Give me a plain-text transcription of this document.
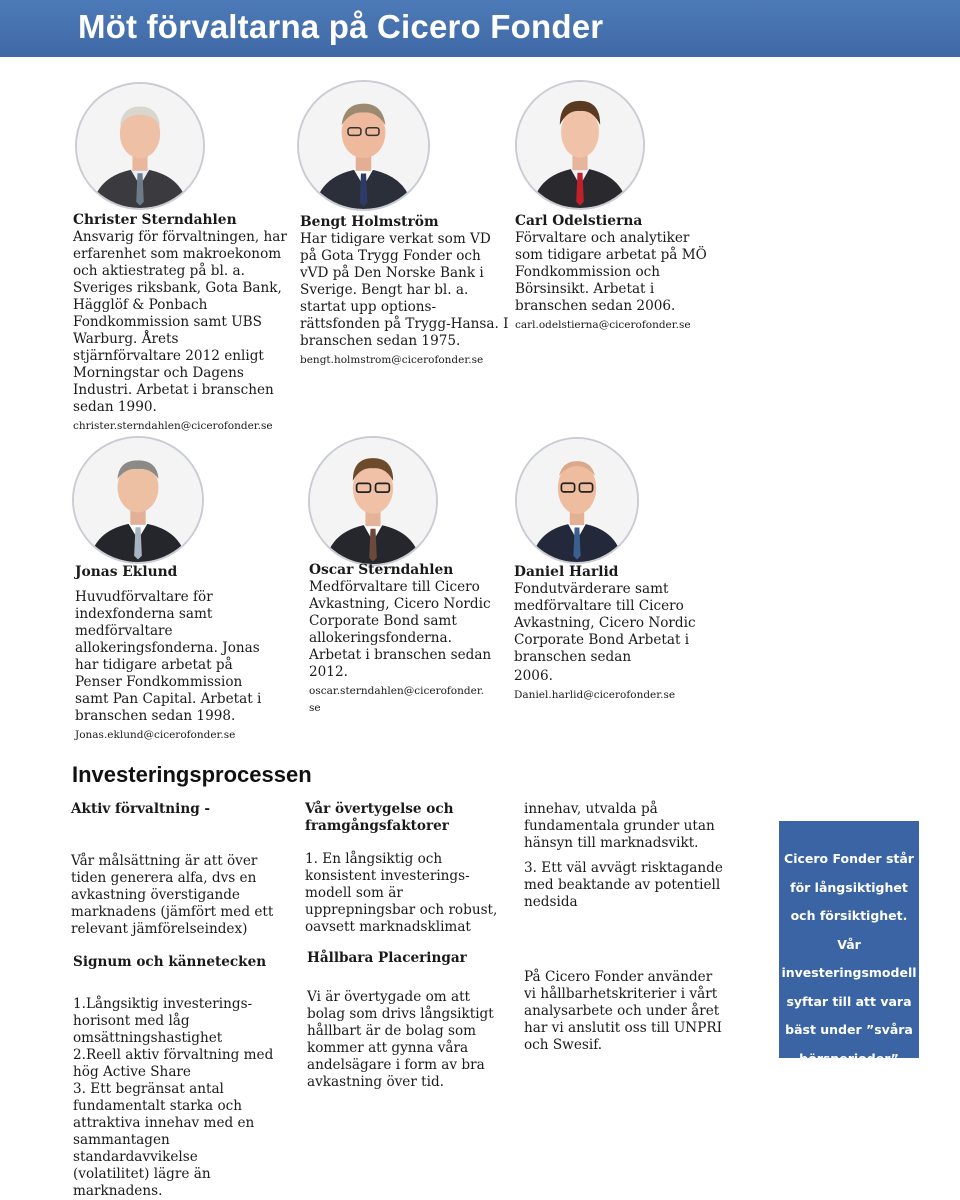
Möt förvaltarna på Cicero Fonder
Christer Sterndahlen

Ansvarig för förvaltningen, har erfarenhet som makroekonom och aktiestrateg på bl. a. Sveriges riksbank, Gota Bank, Hägglöf & Ponbach Fondkommission samt UBS Warburg. Årets stjärnförvaltare 2012 enligt Morningstar och Dagens Industri. Arbetat i branschen sedan 1990.

christer.sterndahlen@cicerofonder.se
Bengt Holmström

Har tidigare verkat som VD på Gota Trygg Fonder och vVD på Den Norske Bank i Sverige. Bengt har bl. a. startat upp options-rättsfonden på Trygg-Hansa. I branschen sedan 1975.

bengt.holmstrom@cicerofonder.se
Carl Odelstierna

Förvaltare och analytiker som tidigare arbetat på MÖ Fondkommission och Börsinsikt. Arbetat i branschen sedan 2006.

carl.odelstierna@cicerofonder.se
Jonas Eklund

Huvudförvaltare för indexfonderna samt medförvaltare allokeringsfonderna. Jonas har tidigare arbetat på Penser Fondkommission samt Pan Capital. Arbetat i branschen sedan 1998.

Jonas.eklund@cicerofonder.se
Oscar Sterndahlen

Medförvaltare till Cicero Avkastning, Cicero Nordic Corporate Bond samt allokeringsfonderna. Arbetat i branschen sedan 2012.

oscar.sterndahlen@cicerofonder.se
Daniel Harlid

Fondutvärderare samt medförvaltare till Cicero Avkastning, Cicero Nordic Corporate Bond Arbetat i branschen sedan

2006.
Daniel.harlid@cicerofonder.se
Investeringsprocessen
Aktiv förvaltning -

Vår målsättning är att över tiden generera alfa, dvs en avkastning överstigande marknadens (jämfört med ett relevant jämförelseindex)

Signum och kännetecken

1.Långsiktig investerings-horisont med låg omsättningshastighet

2.Reell aktiv förvaltning med hög Active Share

3. Ett begränsat antal fundamentalt starka och attraktiva innehav med en sammantagen standardavvikelse (volatilitet) lägre än marknadens.

Vår övertygelse och framgångsfaktorer

1. En långsiktig och konsistent investerings-modell som är upprepningsbar och robust, oavsett marknadsklimat

Hållbara Placeringar

Vi är övertygade om att bolag som drivs långsiktigt hållbart är de bolag som kommer att gynna våra andelsägare i form av bra avkastning över tid.

innehav, utvalda på fundamentala grunder utan hänsyn till marknadsvikt.

3. Ett väl avvägt risktagande med beaktande av potentiell nedsida

På Cicero Fonder använder vi hållbarhetskriterier i vårt analysarbete och under året har vi anslutit oss till UNPRI och Swesif.

Cicero Fonder står för långsiktighet och försiktighet. Vår investeringsmodell syftar till att vara bäst under ”svåra börsperioder”
